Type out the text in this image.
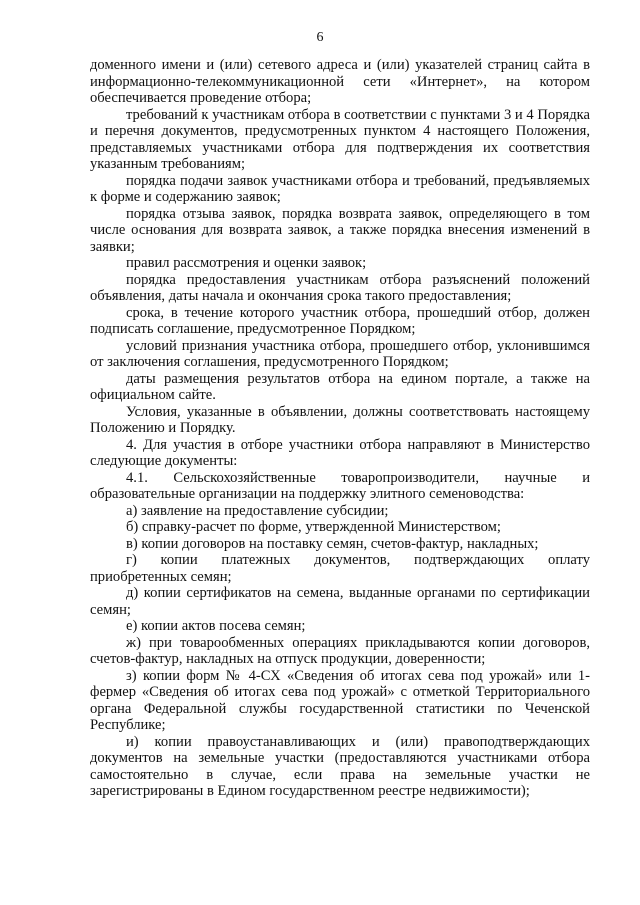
6

доменного имени и (или) сетевого адреса и (или) указателей страниц сайта в информационно-телекоммуникационной сети «Интернет», на котором обеспечивается проведение отбора;

требований к участникам отбора в соответствии с пунктами 3 и 4 Порядка и перечня документов, предусмотренных пунктом 4 настоящего Положения, представляемых участниками отбора для подтверждения их соответствия указанным требованиям;

порядка подачи заявок участниками отбора и требований, предъявляемых к форме и содержанию заявок;

порядка отзыва заявок, порядка возврата заявок, определяющего в том числе основания для возврата заявок, а также порядка внесения изменений в заявки;

правил рассмотрения и оценки заявок;

порядка предоставления участникам отбора разъяснений положений объявления, даты начала и окончания срока такого предоставления;

срока, в течение которого участник отбора, прошедший отбор, должен подписать соглашение, предусмотренное Порядком;

условий признания участника отбора, прошедшего отбор, уклонившимся от заключения соглашения, предусмотренного Порядком;

даты размещения результатов отбора на едином портале, а также на официальном сайте.

Условия, указанные в объявлении, должны соответствовать настоящему Положению и Порядку.

4. Для участия в отборе участники отбора направляют в Министерство следующие документы:

4.1. Сельскохозяйственные товаропроизводители, научные и образовательные организации на поддержку элитного семеноводства:

а) заявление на предоставление субсидии;

б) справку-расчет по форме, утвержденной Министерством;

в) копии договоров на поставку семян, счетов-фактур, накладных;

г) копии платежных документов, подтверждающих оплату приобретенных семян;

д) копии сертификатов на семена, выданные органами по сертификации семян;

е) копии актов посева семян;

ж) при товарообменных операциях прикладываются копии договоров, счетов-фактур, накладных на отпуск продукции, доверенности;

з) копии форм № 4-СХ «Сведения об итогах сева под урожай» или 1-фермер «Сведения об итогах сева под урожай» с отметкой Территориального органа Федеральной службы государственной статистики по Чеченской Республике;

и) копии правоустанавливающих и (или) правоподтверждающих документов на земельные участки (предоставляются участниками отбора самостоятельно в случае, если права на земельные участки не зарегистрированы в Едином государственном реестре недвижимости);
